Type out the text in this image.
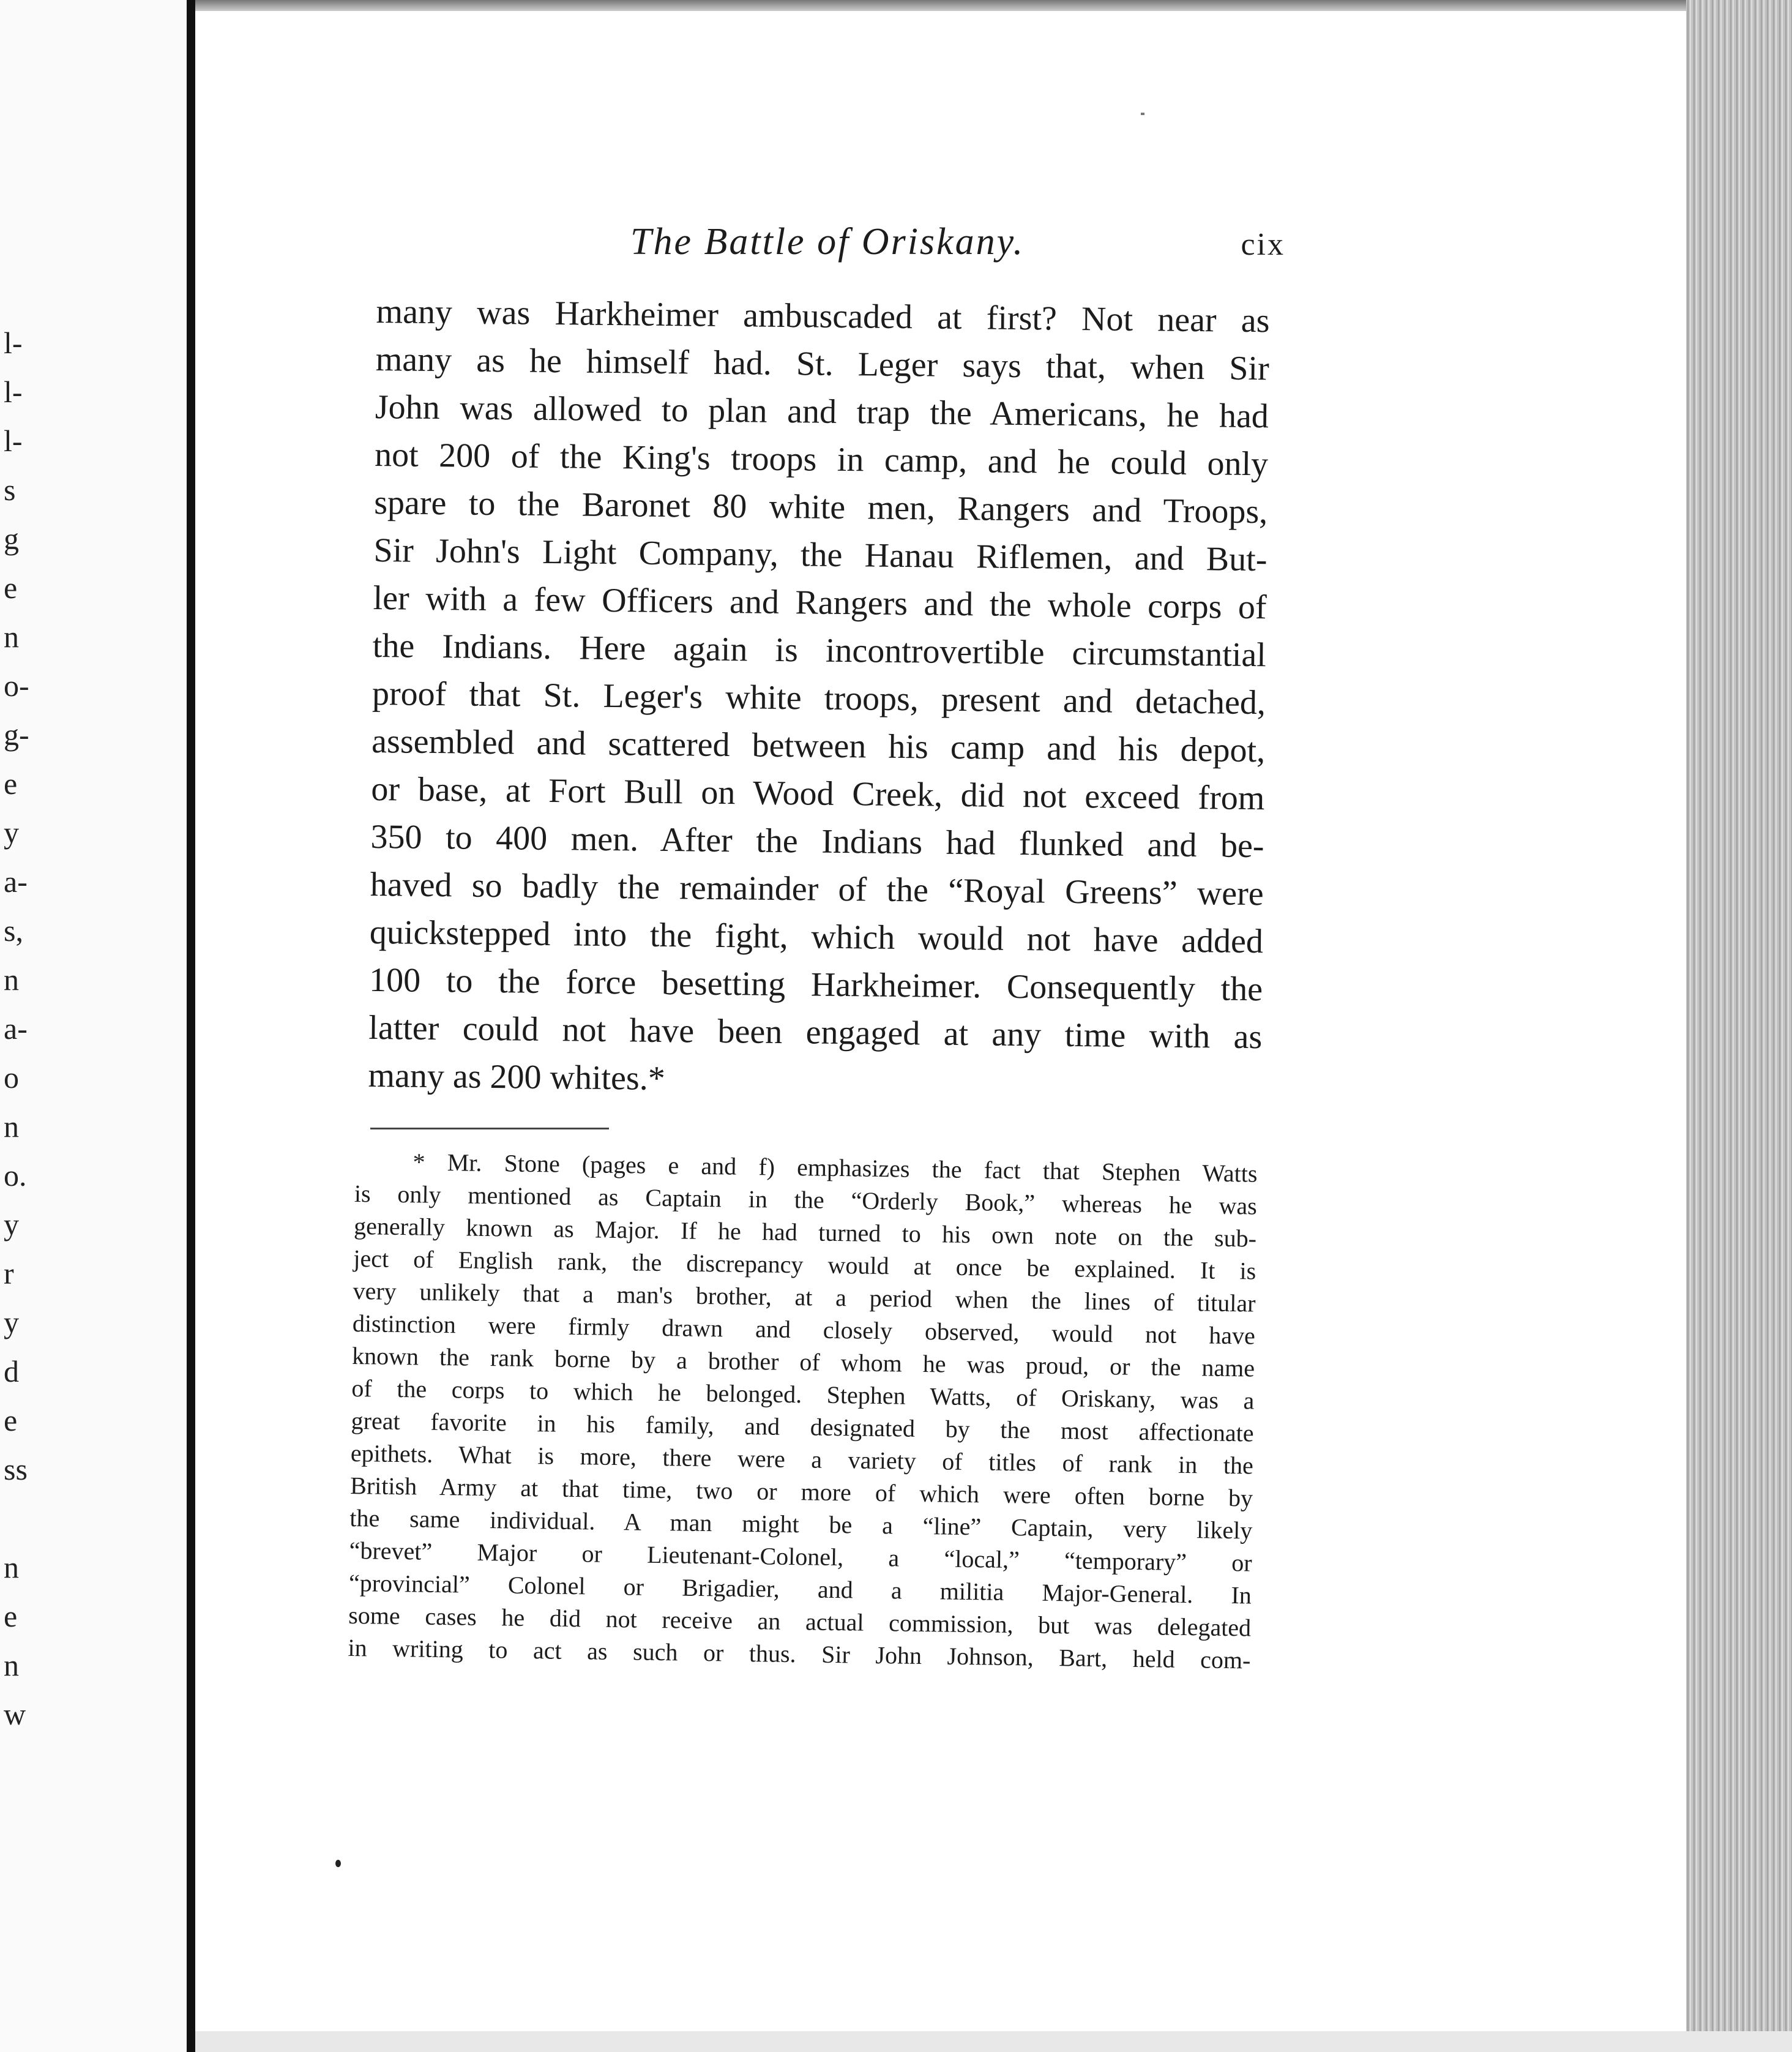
l-
l-
l-
s
g
e
n
o-
g-
e
y
a-
s,
n
a-
o
n
o.
y
r
y
d
e
ss
n
e
n
w
The Battle of Oriskany.	cix
many was Harkheimer ambuscaded at first? Not near as
many as he himself had. St. Leger says that, when Sir
John was allowed to plan and trap the Americans, he had
not 200 of the King's troops in camp, and he could only
spare to the Baronet 80 white men, Rangers and Troops,
Sir John's Light Company, the Hanau Riflemen, and But-
ler with a few Officers and Rangers and the whole corps of
the Indians. Here again is incontrovertible circumstantial
proof that St. Leger's white troops, present and detached,
assembled and scattered between his camp and his depot,
or base, at Fort Bull on Wood Creek, did not exceed from
350 to 400 men. After the Indians had flunked and be-
haved so badly the remainder of the “Royal Greens” were
quickstepped into the fight, which would not have added
100 to the force besetting Harkheimer. Consequently the
latter could not have been engaged at any time with as
many as 200 whites.*
* Mr. Stone (pages e and f) emphasizes the fact that Stephen Watts
is only mentioned as Captain in the “Orderly Book,” whereas he was
generally known as Major. If he had turned to his own note on the sub-
ject of English rank, the discrepancy would at once be explained. It is
very unlikely that a man's brother, at a period when the lines of titular
distinction were firmly drawn and closely observed, would not have
known the rank borne by a brother of whom he was proud, or the name
of the corps to which he belonged. Stephen Watts, of Oriskany, was a
great favorite in his family, and designated by the most affectionate
epithets. What is more, there were a variety of titles of rank in the
British Army at that time, two or more of which were often borne by
the same individual. A man might be a “line” Captain, very likely
“brevet” Major or Lieutenant-Colonel, a “local,” “temporary” or
“provincial” Colonel or Brigadier, and a militia Major-General. In
some cases he did not receive an actual commission, but was delegated
in writing to act as such or thus. Sir John Johnson, Bart, held com-
